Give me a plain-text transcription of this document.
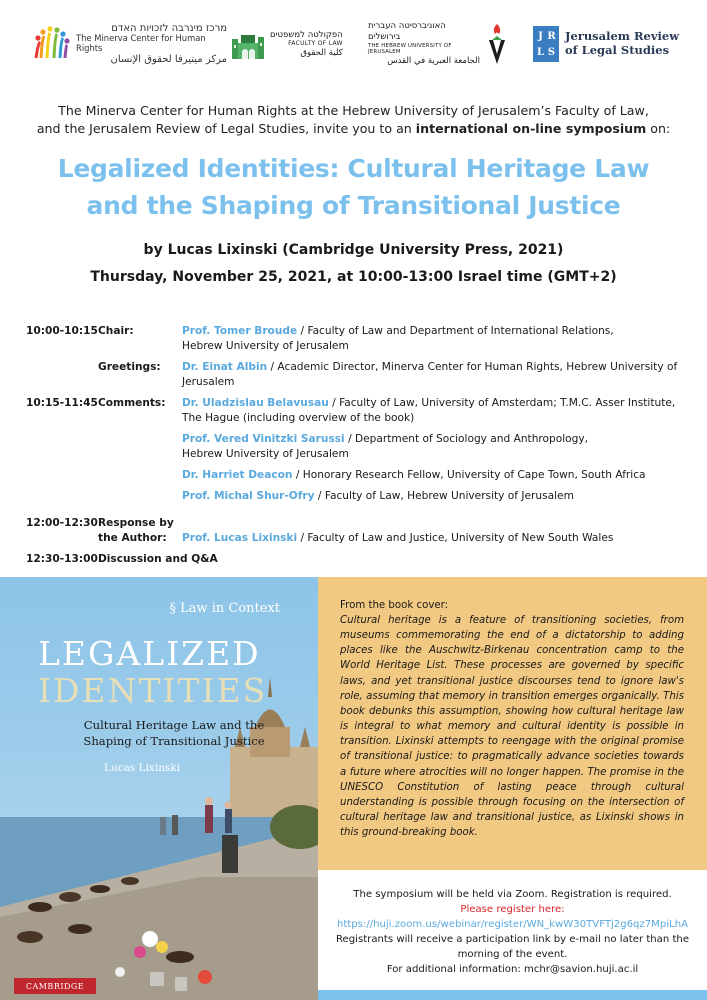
מרכז מינרבה לזכויות האדם
The Minerva Center for Human Rights
مركز ميتيرفا لحقوق الإنسان
הפקולטה למשפטים
FACULTY OF LAW
كلية الحقوق
האוניברסיטה העברית בירושלים
THE HEBREW UNIVERSITY OF JERUSALEM
الجامعة العبرية في القدس
J R
L S
Jerusalem Review
of Legal Studies
The Minerva Center for Human Rights at the Hebrew University of Jerusalem’s Faculty of Law,
and the Jerusalem Review of Legal Studies, invite you to an international on-line symposium on:
Legalized Identities: Cultural Heritage Law
and the Shaping of Transitional Justice
by Lucas Lixinski (Cambridge University Press, 2021)
Thursday, November 25, 2021, at 10:00-13:00 Israel time (GMT+2)
10:00-10:15 Chair:	Prof. Tomer Broude / Faculty of Law and Department of International Relations,
Hebrew University of Jerusalem
Greetings:	Dr. Einat Albin / Academic Director, Minerva Center for Human Rights, Hebrew University of Jerusalem
10:15-11:45 Comments:	Dr. Uladzislau Belavusau / Faculty of Law, University of Amsterdam; T.M.C. Asser Institute,
The Hague (including overview of the book)
Prof. Vered Vinitzki Sarussi / Department of Sociology and Anthropology,
Hebrew University of Jerusalem
Dr. Harriet Deacon / Honorary Research Fellow, University of Cape Town, South Africa
Prof. Michal Shur-Ofry / Faculty of Law, Hebrew University of Jerusalem
12:00-12:30 Response by
the Author:	Prof. Lucas Lixinski / Faculty of Law and Justice, University of New South Wales
12:30-13:00 Discussion and Q&A
§ Law in Context
LEGALIZED
IDENTITIES
Cultural Heritage Law and the Shaping of Transitional Justice
Lucas Lixinski
CAMBRIDGE
From the book cover:
Cultural heritage is a feature of transitioning societies, from museums commemorating the end of a dictatorship to adding places like the Auschwitz-Birkenau concentration camp to the World Heritage List. These processes are governed by specific laws, and yet transitional justice discourses tend to ignore law's role, assuming that memory in transition emerges organically. This book debunks this assumption, showing how cultural heritage law is integral to what memory and cultural identity is possible in transition. Lixinski attempts to reengage with the original promise of transitional justice: to pragmatically advance societies towards a future where atrocities will no longer happen. The promise in the UNESCO Constitution of lasting peace through cultural understanding is possible through focusing on the intersection of cultural heritage law and transitional justice, as Lixinski shows in this ground-breaking book.
The symposium will be held via Zoom. Registration is required.
Please register here:
https://huji.zoom.us/webinar/register/WN_kwW30TVFTj2g6qz7MpiLhA
Registrants will receive a participation link by e-mail no later than the
morning of the event.
For additional information: mchr@savion.huji.ac.il
